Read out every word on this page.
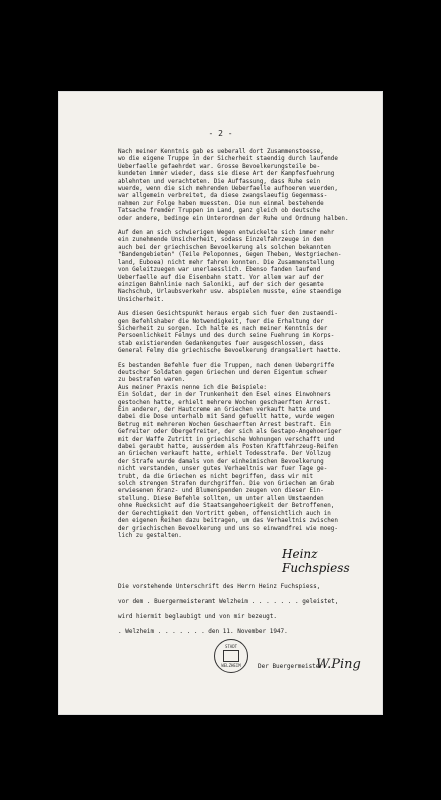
- 2 -

Nach meiner Kenntnis gab es ueberall dort Zusammenstoesse,
wo die eigene Truppe in der Sicherheit staendig durch laufende
Ueberfaelle gefaehrdet war. Grosse Bevoelkerungsteile be-
kundeten immer wieder, dass sie diese Art der Kampfesfuehrung
ablehnten und verachteten. Die Auffassung, dass Ruhe sein
wuerde, wenn die sich mehrenden Ueberfaelle aufhoeren wuerden,
war allgemein verbreitet, da diese zwangslaeufig Gegenmass-
nahmen zur Folge haben muessten. Die nun einmal bestehende
Tatsache fremder Truppen im Land, ganz gleich ob deutsche
oder andere, bedinge ein Unterordnen der Ruhe und Ordnung halben.

Auf den an sich schwierigen Wegen entwickelte sich immer mehr
ein zunehmende Unsicherheit, sodass Einzelfahrzeuge in den
auch bei der griechischen Bevoelkerung als solchen bekannten
"Bandengebieten" (Teile Peloponnes, Gegen Theben, Westgriechen-
land, Euboea) nicht mehr fahren konnten. Die Zusammenstellung
von Geleitzuegen war unerlaesslich. Ebenso fanden laufend
Ueberfaelle auf die Eisenbahn statt. Vor allem war auf der
einzigen Bahnlinie nach Saloniki, auf der sich der gesamte
Nachschub, Urlaubsverkehr usw. abspielen musste, eine staendige
Unsicherheit.

Aus diesen Gesichtspunkt heraus ergab sich fuer den zustaendi-
gen Befehlshaber die Notwendigkeit, fuer die Erhaltung der
Sicherheit zu sorgen. Ich halte es nach meiner Kenntnis der
Persoenlichkeit Felmys und des durch seine Fuehrung im Korps-
stab existierenden Gedankengutes fuer ausgeschlossen, dass
General Felmy die griechische Bevoelkerung drangsaliert haette.

Es bestanden Befehle fuer die Truppen, nach denen Uebergriffe
deutscher Soldaten gegen Griechen und deren Eigentum schwer
zu bestrafen waren.
Aus meiner Praxis nenne ich die Beispiele:
Ein Soldat, der in der Trunkenheit den Esel eines Einwohners
gestochen hatte, erhielt mehrere Wochen geschaerften Arrest.
Ein anderer, der Hautcreme an Griechen verkauft hatte und
dabei die Dose unterhalb mit Sand gefuellt hatte, wurde wegen
Betrug mit mehreren Wochen Geschaerften Arrest bestraft. Ein
Gefreiter oder Obergefreiter, der sich als Gestapo-Angehoeriger
mit der Waffe Zutritt in griechische Wohnungen verschafft und
dabei geraubt hatte, ausserdem als Posten Kraftfahrzeug-Reifen
an Griechen verkauft hatte, erhielt Todesstrafe. Der Vollzug
der Strafe wurde damals von der einheimischen Bevoelkerung
nicht verstanden, unser gutes Verhaeltnis war fuer Tage ge-
trubt, da die Griechen es nicht begriffen, dass wir mit
solch strengen Strafen durchgriffen. Die von Griechen am Grab
erwiesenen Kranz- und Blumenspenden zeugen von dieser Ein-
stellung. Diese Befehle sollten, um unter allen Umstaenden
ohne Ruecksicht auf die Staatsangehoerigkeit der Betroffenen,
der Gerechtigkeit den Vortritt geben, offensichtlich auch in
den eigenen Reihen dazu beitragen, um das Verhaeltnis zwischen
der griechischen Bevoelkerung und uns so einwandfrei wie moeg-
lich zu gestalten.

Heinz Fuchspiess
Die vorstehende Unterschrift des Herrn Heinz Fuchspiess,
vor dem . Buergermeisteramt Welzheim . . . . . . . geleistet,
wird hiermit beglaubigt und von mir bezeugt.
. Welzheim . . . . . . . den 11. November 1947.
STADT
WELZHEIM	Der Buergermeister
W.Ping
